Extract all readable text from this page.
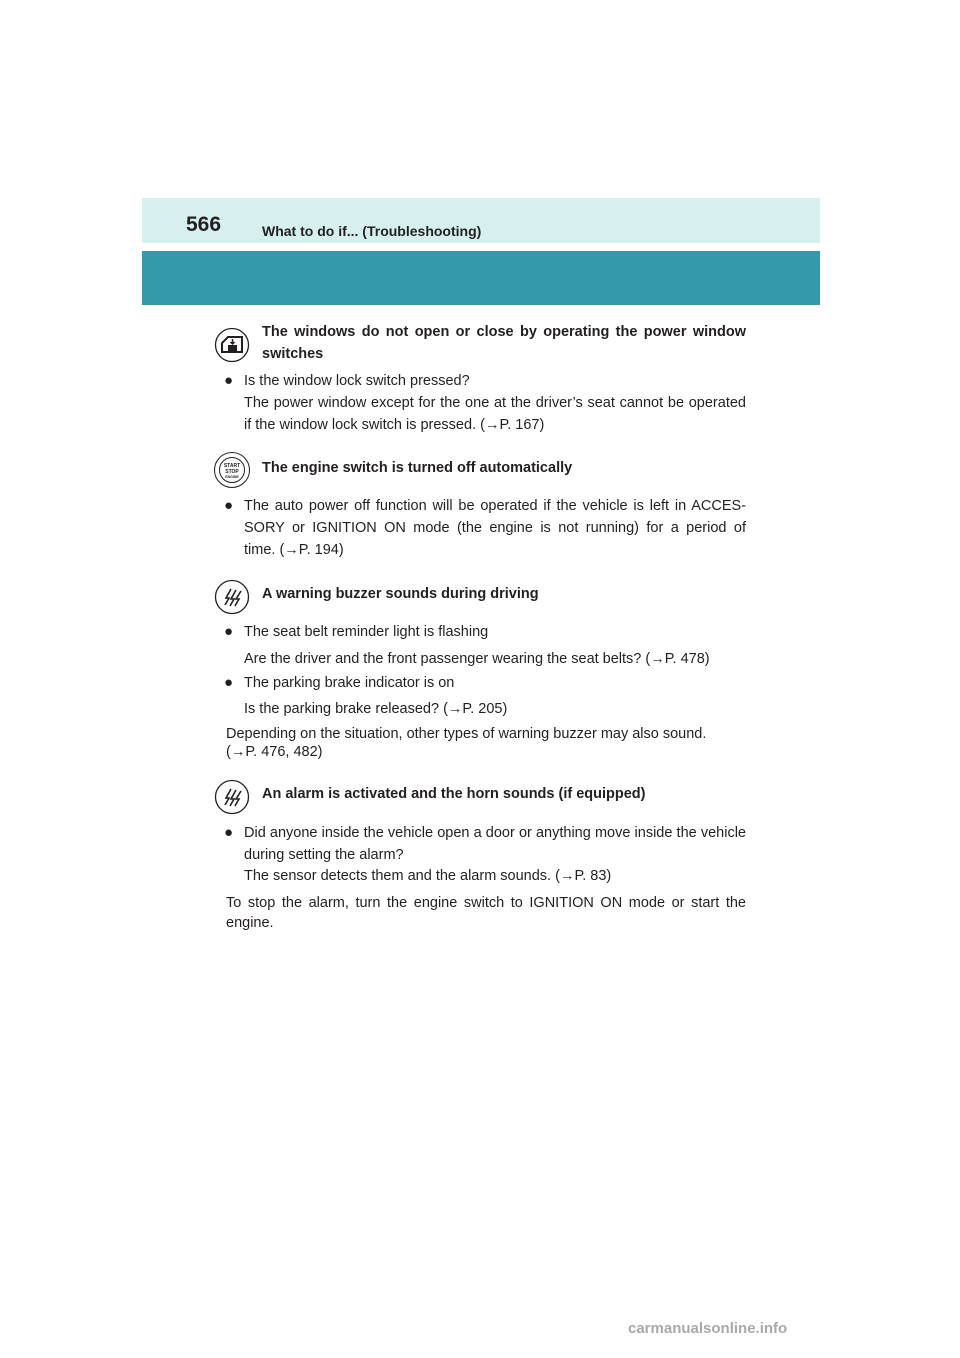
566	What to do if... (Troubleshooting)
The windows do not open or close by operating the power window
switches
● Is the window lock switch pressed?
The power window except for the one at the driver’s seat cannot be operated
if the window lock switch is pressed. (→P. 167)
START
STOP
ENGINE
The engine switch is turned off automatically
● The auto power off function will be operated if the vehicle is left in ACCES-
SORY or IGNITION ON mode (the engine is not running) for a period of
time. (→P. 194)
A warning buzzer sounds during driving
● The seat belt reminder light is flashing
Are the driver and the front passenger wearing the seat belts? (→P. 478)
● The parking brake indicator is on
Is the parking brake released? (→P. 205)
Depending on the situation, other types of warning buzzer may also sound.
(→P. 476, 482)
An alarm is activated and the horn sounds (if equipped)
● Did anyone inside the vehicle open a door or anything move inside the vehicle
during setting the alarm?
The sensor detects them and the alarm sounds. (→P. 83)
To stop the alarm, turn the engine switch to IGNITION ON mode or start the
engine.
carmanualsonline.info
